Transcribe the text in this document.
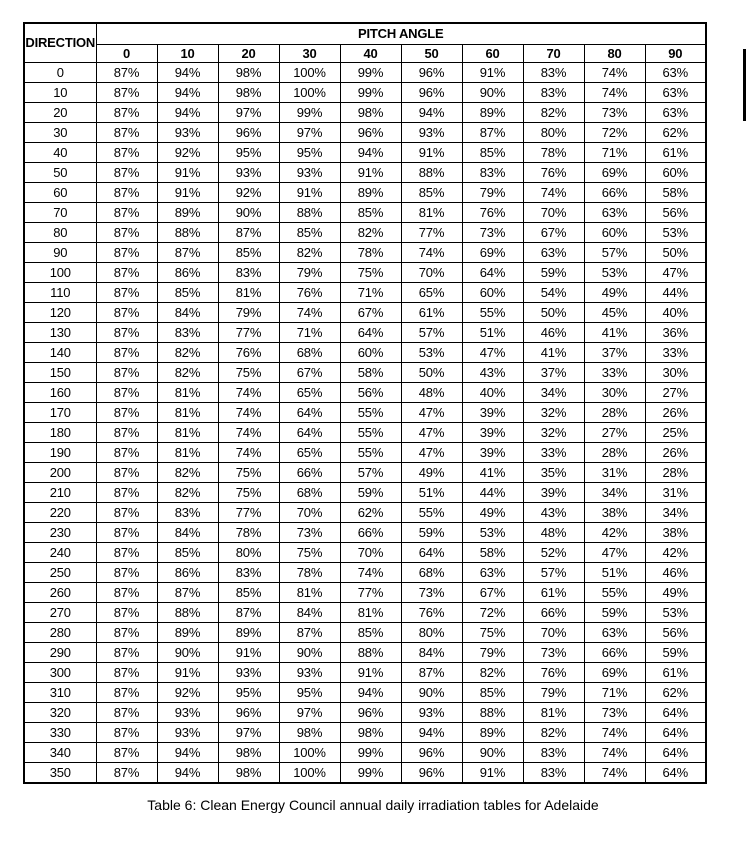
DIRECTION	PITCH ANGLE									
	0	10	20	30	40	50	60	70	80	90
0	87%	94%	98%	100%	99%	96%	91%	83%	74%	63%
10	87%	94%	98%	100%	99%	96%	90%	83%	74%	63%
20	87%	94%	97%	99%	98%	94%	89%	82%	73%	63%
30	87%	93%	96%	97%	96%	93%	87%	80%	72%	62%
40	87%	92%	95%	95%	94%	91%	85%	78%	71%	61%
50	87%	91%	93%	93%	91%	88%	83%	76%	69%	60%
60	87%	91%	92%	91%	89%	85%	79%	74%	66%	58%
70	87%	89%	90%	88%	85%	81%	76%	70%	63%	56%
80	87%	88%	87%	85%	82%	77%	73%	67%	60%	53%
90	87%	87%	85%	82%	78%	74%	69%	63%	57%	50%
100	87%	86%	83%	79%	75%	70%	64%	59%	53%	47%
110	87%	85%	81%	76%	71%	65%	60%	54%	49%	44%
120	87%	84%	79%	74%	67%	61%	55%	50%	45%	40%
130	87%	83%	77%	71%	64%	57%	51%	46%	41%	36%
140	87%	82%	76%	68%	60%	53%	47%	41%	37%	33%
150	87%	82%	75%	67%	58%	50%	43%	37%	33%	30%
160	87%	81%	74%	65%	56%	48%	40%	34%	30%	27%
170	87%	81%	74%	64%	55%	47%	39%	32%	28%	26%
180	87%	81%	74%	64%	55%	47%	39%	32%	27%	25%
190	87%	81%	74%	65%	55%	47%	39%	33%	28%	26%
200	87%	82%	75%	66%	57%	49%	41%	35%	31%	28%
210	87%	82%	75%	68%	59%	51%	44%	39%	34%	31%
220	87%	83%	77%	70%	62%	55%	49%	43%	38%	34%
230	87%	84%	78%	73%	66%	59%	53%	48%	42%	38%
240	87%	85%	80%	75%	70%	64%	58%	52%	47%	42%
250	87%	86%	83%	78%	74%	68%	63%	57%	51%	46%
260	87%	87%	85%	81%	77%	73%	67%	61%	55%	49%
270	87%	88%	87%	84%	81%	76%	72%	66%	59%	53%
280	87%	89%	89%	87%	85%	80%	75%	70%	63%	56%
290	87%	90%	91%	90%	88%	84%	79%	73%	66%	59%
300	87%	91%	93%	93%	91%	87%	82%	76%	69%	61%
310	87%	92%	95%	95%	94%	90%	85%	79%	71%	62%
320	87%	93%	96%	97%	96%	93%	88%	81%	73%	64%
330	87%	93%	97%	98%	98%	94%	89%	82%	74%	64%
340	87%	94%	98%	100%	99%	96%	90%	83%	74%	64%
350	87%	94%	98%	100%	99%	96%	91%	83%	74%	64%
Table 6: Clean Energy Council annual daily irradiation tables for Adelaide
